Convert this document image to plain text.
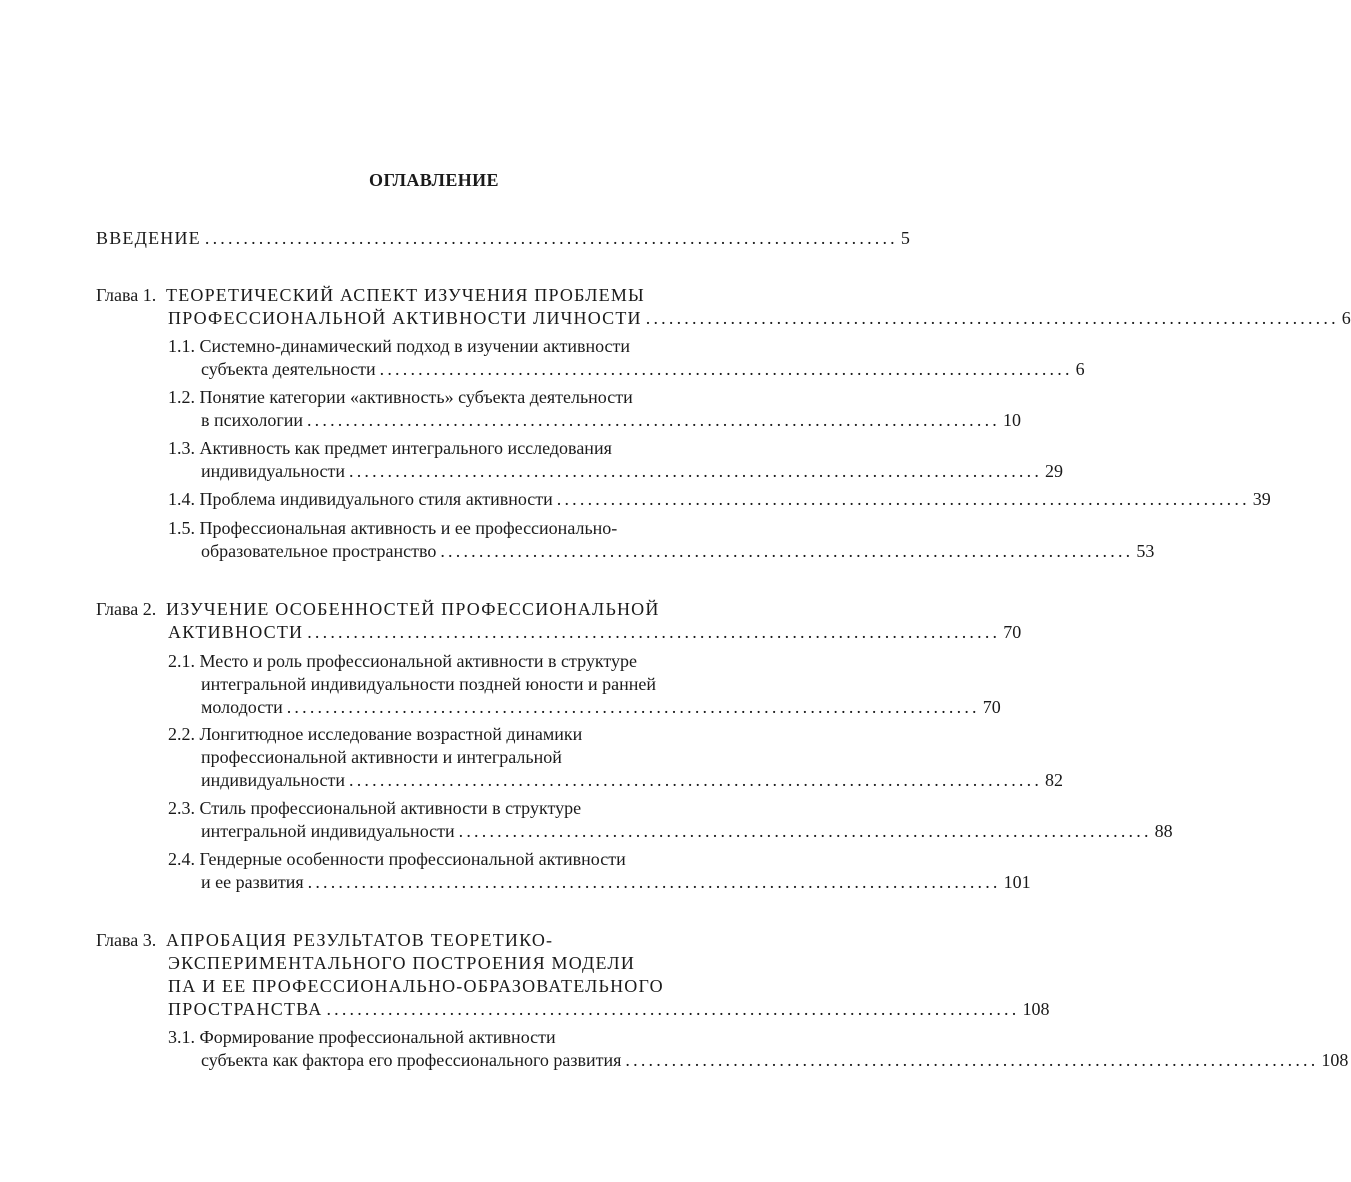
ОГЛАВЛЕНИЕ
ВВЕДЕНИЕ .......................................................................................... 5
Глава 1. ТЕОРЕТИЧЕСКИЙ АСПЕКТ ИЗУЧЕНИЯ ПРОБЛЕМЫ
ПРОФЕССИОНАЛЬНОЙ АКТИВНОСТИ ЛИЧНОСТИ .......................................................................................... 6
1.1. Системно-динамический подход в изучении активности
субъекта деятельности .......................................................................................... 6
1.2. Понятие категории «активность» субъекта деятельности
в психологии .......................................................................................... 10
1.3. Активность как предмет интегрального исследования
индивидуальности .......................................................................................... 29
1.4. Проблема индивидуального стиля активности .......................................................................................... 39
1.5. Профессиональная активность и ее профессионально-
образовательное пространство .......................................................................................... 53
Глава 2. ИЗУЧЕНИЕ ОСОБЕННОСТЕЙ ПРОФЕССИОНАЛЬНОЙ
АКТИВНОСТИ .......................................................................................... 70
2.1. Место и роль профессиональной активности в структуре
интегральной индивидуальности поздней юности и ранней
молодости .......................................................................................... 70
2.2. Лонгитюдное исследование возрастной динамики
профессиональной активности и интегральной
индивидуальности .......................................................................................... 82
2.3. Стиль профессиональной активности в структуре
интегральной индивидуальности .......................................................................................... 88
2.4. Гендерные особенности профессиональной активности
и ее развития .......................................................................................... 101
Глава 3. АПРОБАЦИЯ РЕЗУЛЬТАТОВ ТЕОРЕТИКО-
ЭКСПЕРИМЕНТАЛЬНОГО ПОСТРОЕНИЯ МОДЕЛИ
ПА И ЕЕ ПРОФЕССИОНАЛЬНО-ОБРАЗОВАТЕЛЬНОГО
ПРОСТРАНСТВА .......................................................................................... 108
3.1. Формирование профессиональной активности
субъекта как фактора его профессионального развития .......................................................................................... 108
